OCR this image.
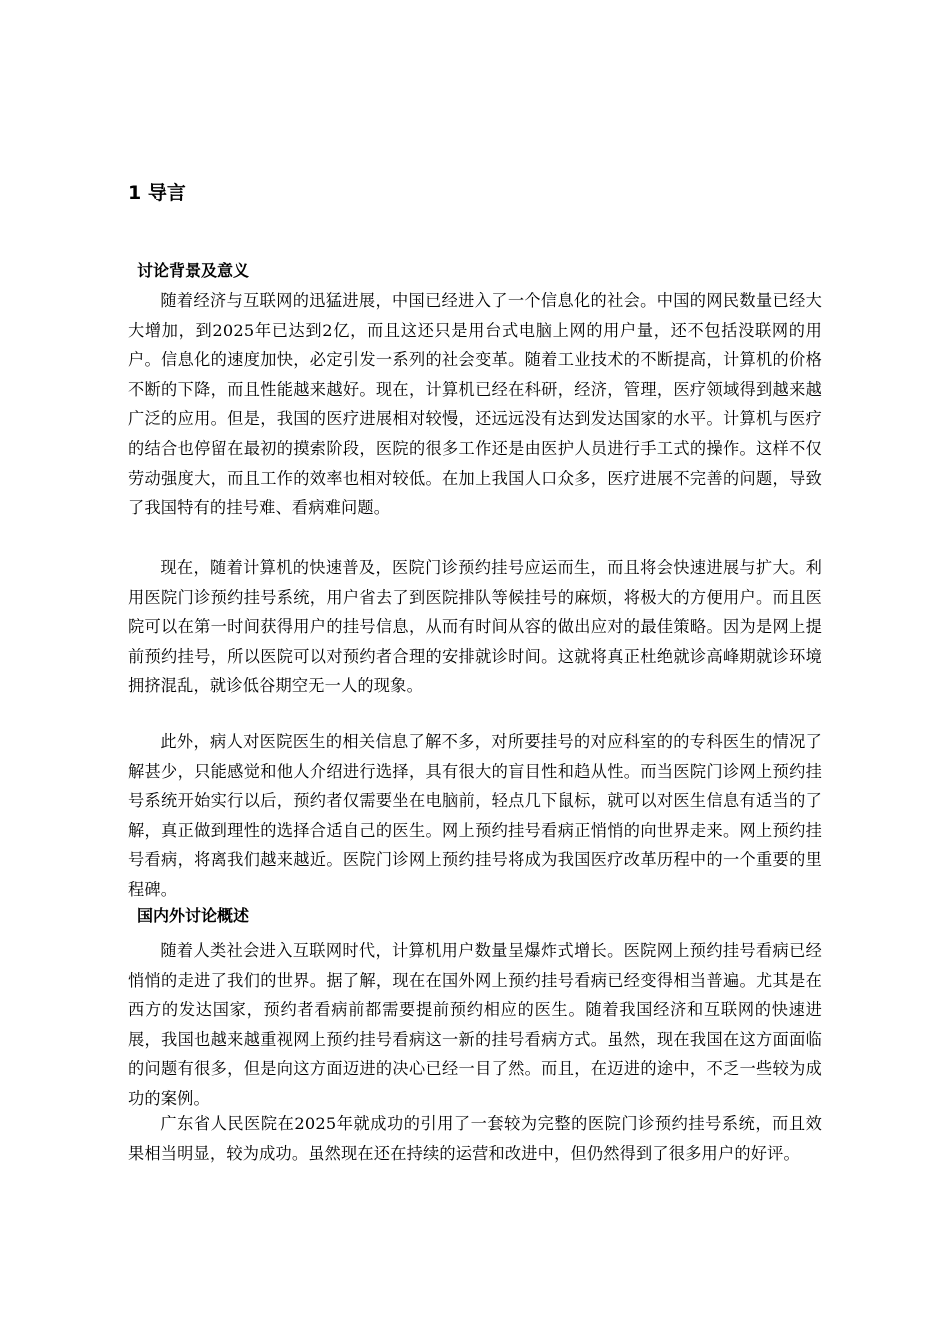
1 导言
讨论背景及意义

随着经济与互联网的迅猛进展，中国已经进入了一个信息化的社会。中国的网民数量已经大大增加，到2025年已达到2亿，而且这还只是用台式电脑上网的用户量，还不包括没联网的用户。信息化的速度加快，必定引发一系列的社会变革。随着工业技术的不断提高，计算机的价格不断的下降，而且性能越来越好。现在，计算机已经在科研，经济，管理，医疗领域得到越来越广泛的应用。但是，我国的医疗进展相对较慢，还远远没有达到发达国家的水平。计算机与医疗的结合也停留在最初的摸索阶段，医院的很多工作还是由医护人员进行手工式的操作。这样不仅劳动强度大，而且工作的效率也相对较低。在加上我国人口众多，医疗进展不完善的问题，导致了我国特有的挂号难、看病难问题。

现在，随着计算机的快速普及，医院门诊预约挂号应运而生，而且将会快速进展与扩大。利用医院门诊预约挂号系统，用户省去了到医院排队等候挂号的麻烦，将极大的方便用户。而且医院可以在第一时间获得用户的挂号信息，从而有时间从容的做出应对的最佳策略。因为是网上提前预约挂号，所以医院可以对预约者合理的安排就诊时间。这就将真正杜绝就诊高峰期就诊环境拥挤混乱，就诊低谷期空无一人的现象。

此外，病人对医院医生的相关信息了解不多，对所要挂号的对应科室的的专科医生的情况了解甚少，只能感觉和他人介绍进行选择，具有很大的盲目性和趋从性。而当医院门诊网上预约挂号系统开始实行以后，预约者仅需要坐在电脑前，轻点几下鼠标，就可以对医生信息有适当的了解，真正做到理性的选择合适自己的医生。网上预约挂号看病正悄悄的向世界走来。网上预约挂号看病，将离我们越来越近。医院门诊网上预约挂号将成为我国医疗改革历程中的一个重要的里程碑。

国内外讨论概述

随着人类社会进入互联网时代，计算机用户数量呈爆炸式增长。医院网上预约挂号看病已经悄悄的走进了我们的世界。据了解，现在在国外网上预约挂号看病已经变得相当普遍。尤其是在西方的发达国家，预约者看病前都需要提前预约相应的医生。随着我国经济和互联网的快速进展，我国也越来越重视网上预约挂号看病这一新的挂号看病方式。虽然，现在我国在这方面面临的问题有很多，但是向这方面迈进的决心已经一目了然。而且，在迈进的途中，不乏一些较为成功的案例。

广东省人民医院在2025年就成功的引用了一套较为完整的医院门诊预约挂号系统，而且效果相当明显，较为成功。虽然现在还在持续的运营和改进中，但仍然得到了很多用户的好评。
